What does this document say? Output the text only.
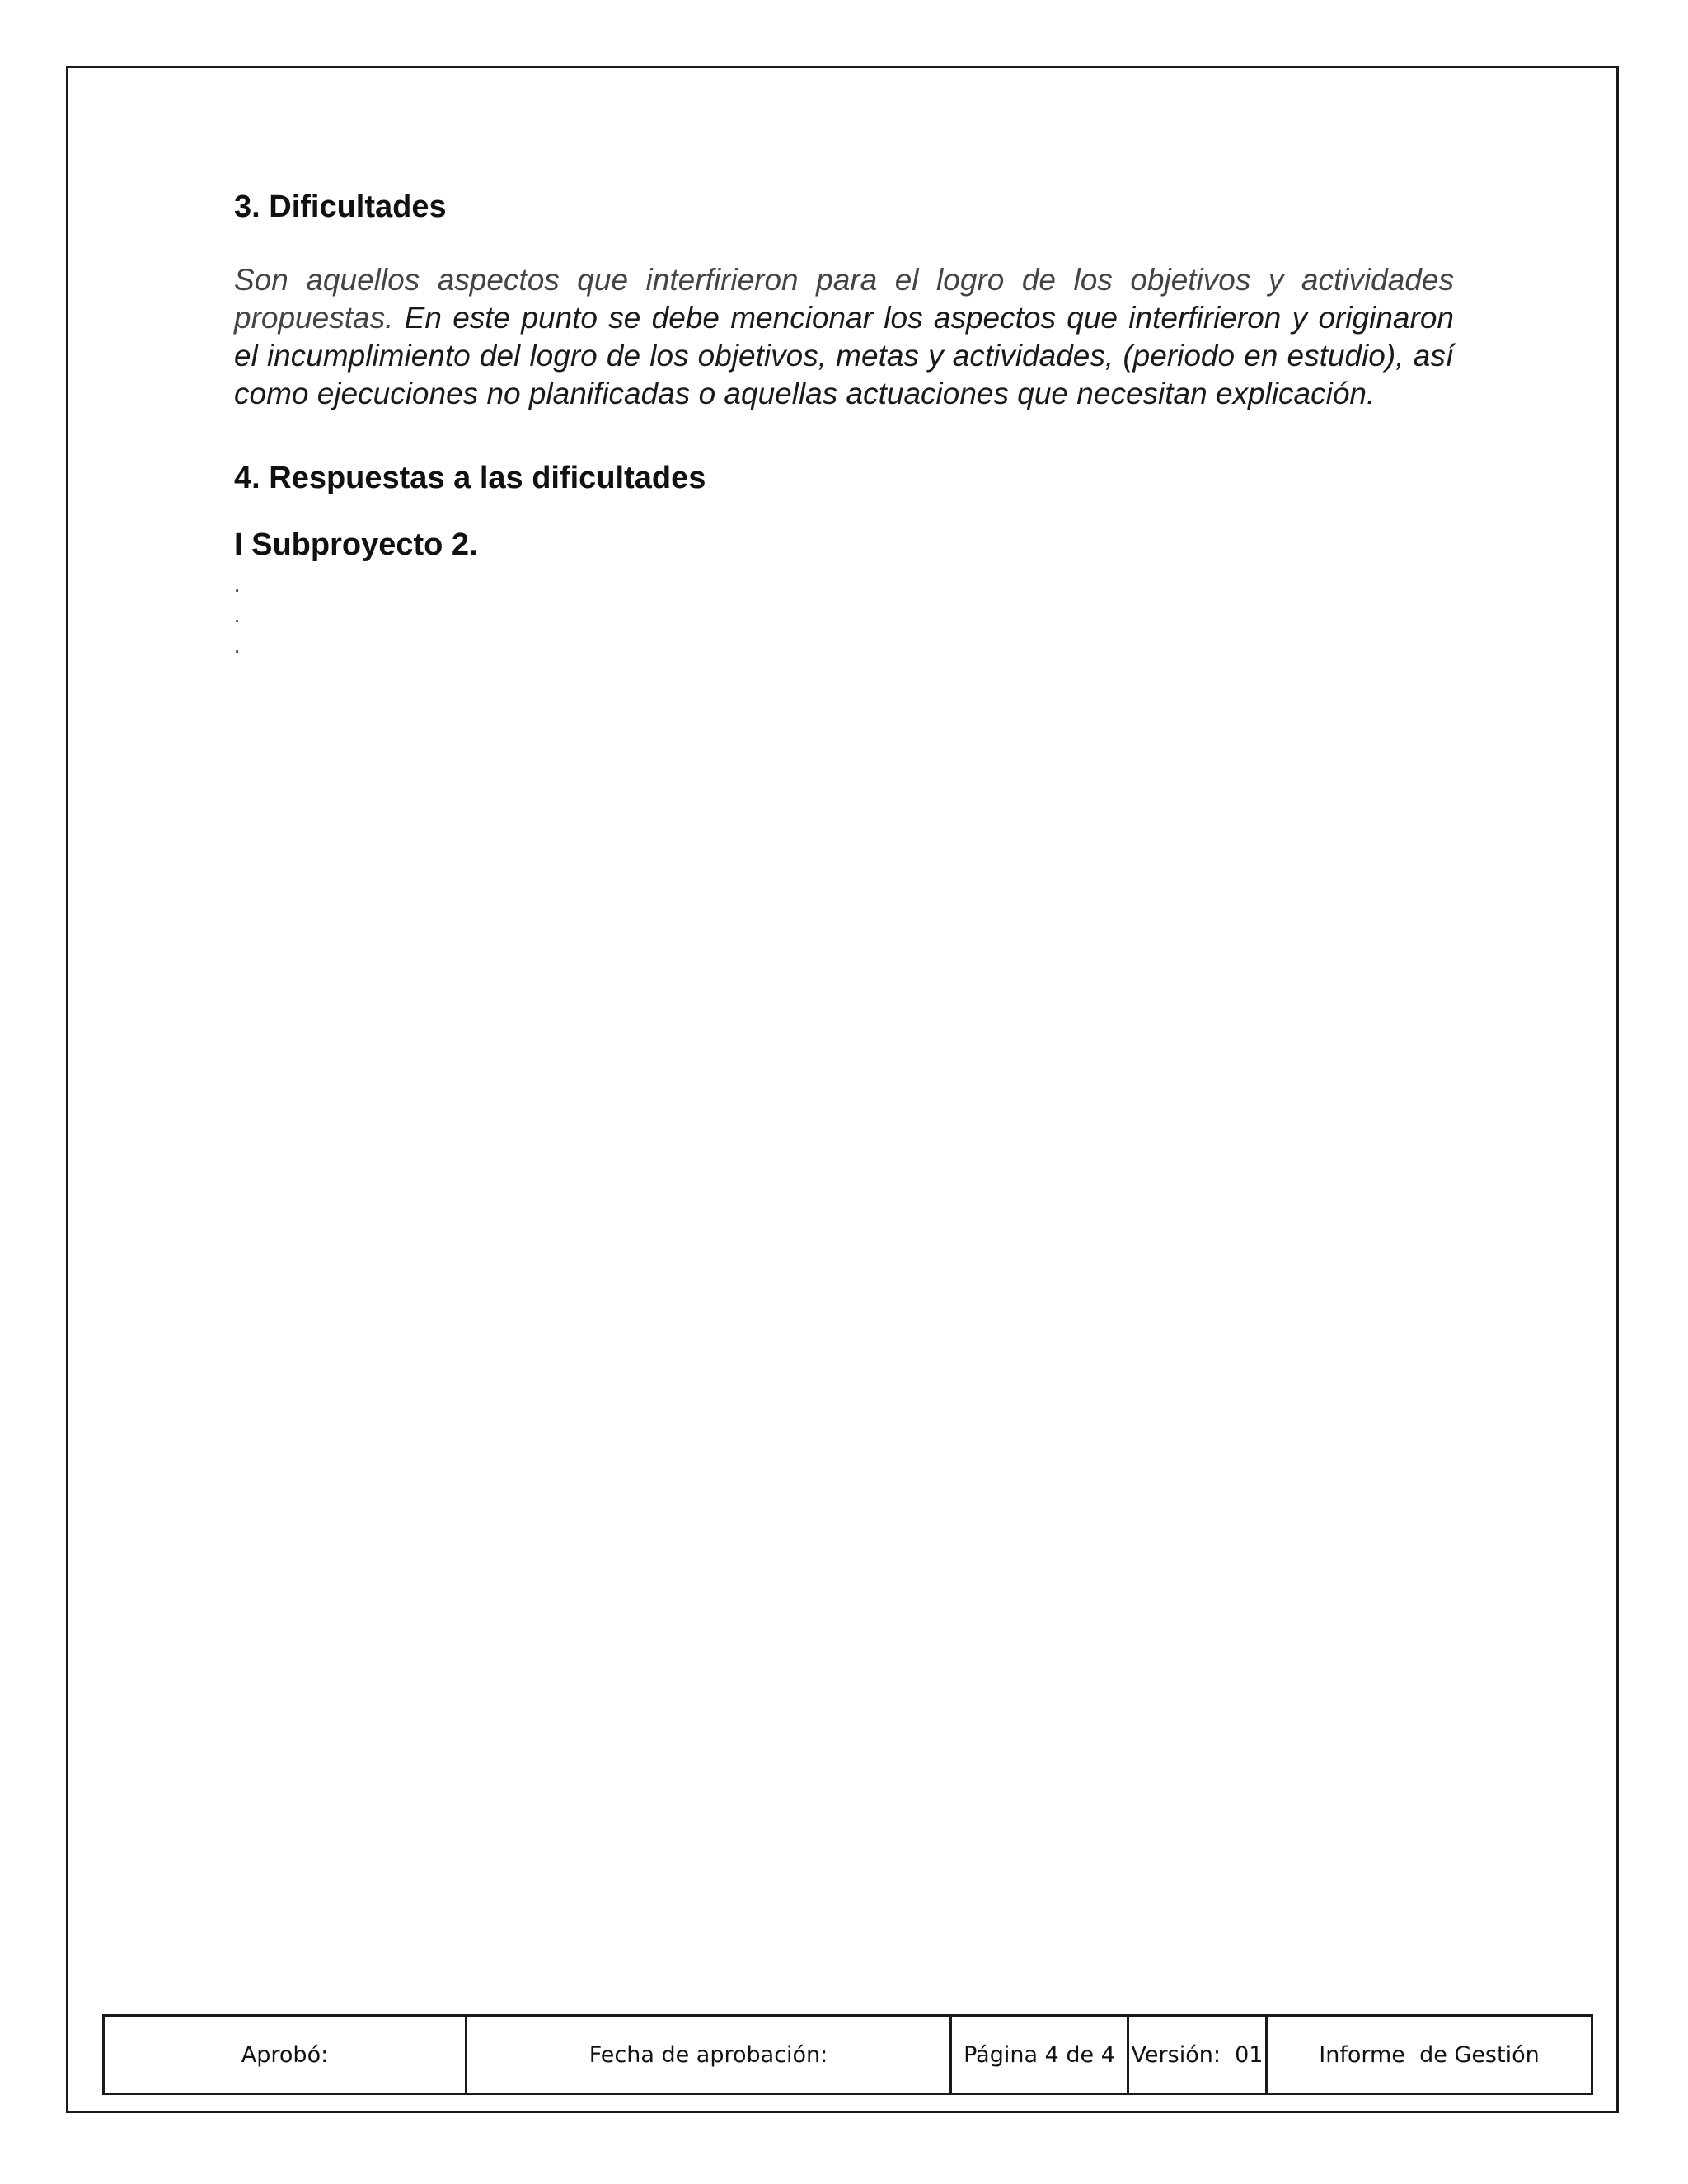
3. Dificultades

Son aquellos aspectos que interfirieron para el logro de los objetivos y actividades propuestas. En este punto se debe mencionar los aspectos que interfirieron y originaron el incumplimiento del logro de los objetivos, metas y actividades, (periodo en estudio), así como ejecuciones no planificadas o aquellas actuaciones que necesitan explicación.

4. Respuestas a las dificultades
I Subproyecto 2.
.
.
.
Aprobó:	Fecha de aprobación:	Página 4 de 4	Versión:  01	Informe  de Gestión
